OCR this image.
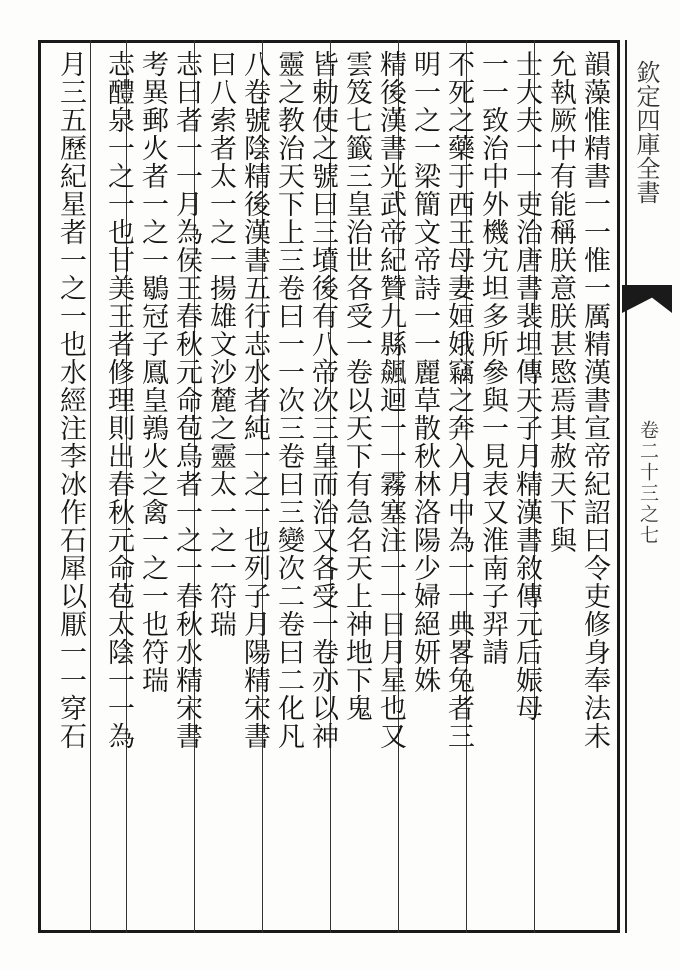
欽定四庫全書
卷二十三之七
韻藻惟精書一一惟一厲精漢書宣帝紀詔曰令吏修身奉法未
允執厥中有能稱朕意朕甚愍焉其赦天下與
士大夫一一吏治唐書裴坦傳天子月精漢書敘傳元后娠母
一一致治中外機宄坦多所參與一見表又淮南子羿請
不死之藥于西王母妻姮娥竊之奔入月中為一一典畧兔者三
明一之一梁簡文帝詩一一麗草散秋林洛陽少婦絕妍姝
精後漢書光武帝紀贊九縣飆迴一一霧塞注一一日月星也又
雲笈七籤三皇治世各受一卷以天下有急名天上神地下鬼
皆勅使之號曰三墳後有八帝次三皇而治又各受一卷亦以神
靈之教治天下上三卷曰一一次三卷曰三變次二卷曰二化凡
八卷號陰精後漢書五行志水者純一之一也列子月陽精宋書
曰八索者太一之一揚雄文沙麓之靈太一之一符瑞
志曰者一一月為侯王春秋元命苞烏者一之一春秋水精宋書
考異郵火者一之一鶡冠子鳳皇鶉火之禽一之一也符瑞
志醴泉一之一也甘美王者修理則出春秋元命苞太陰一一為
月三五歷紀星者一之一也水經注李冰作石犀以厭一一穿石
